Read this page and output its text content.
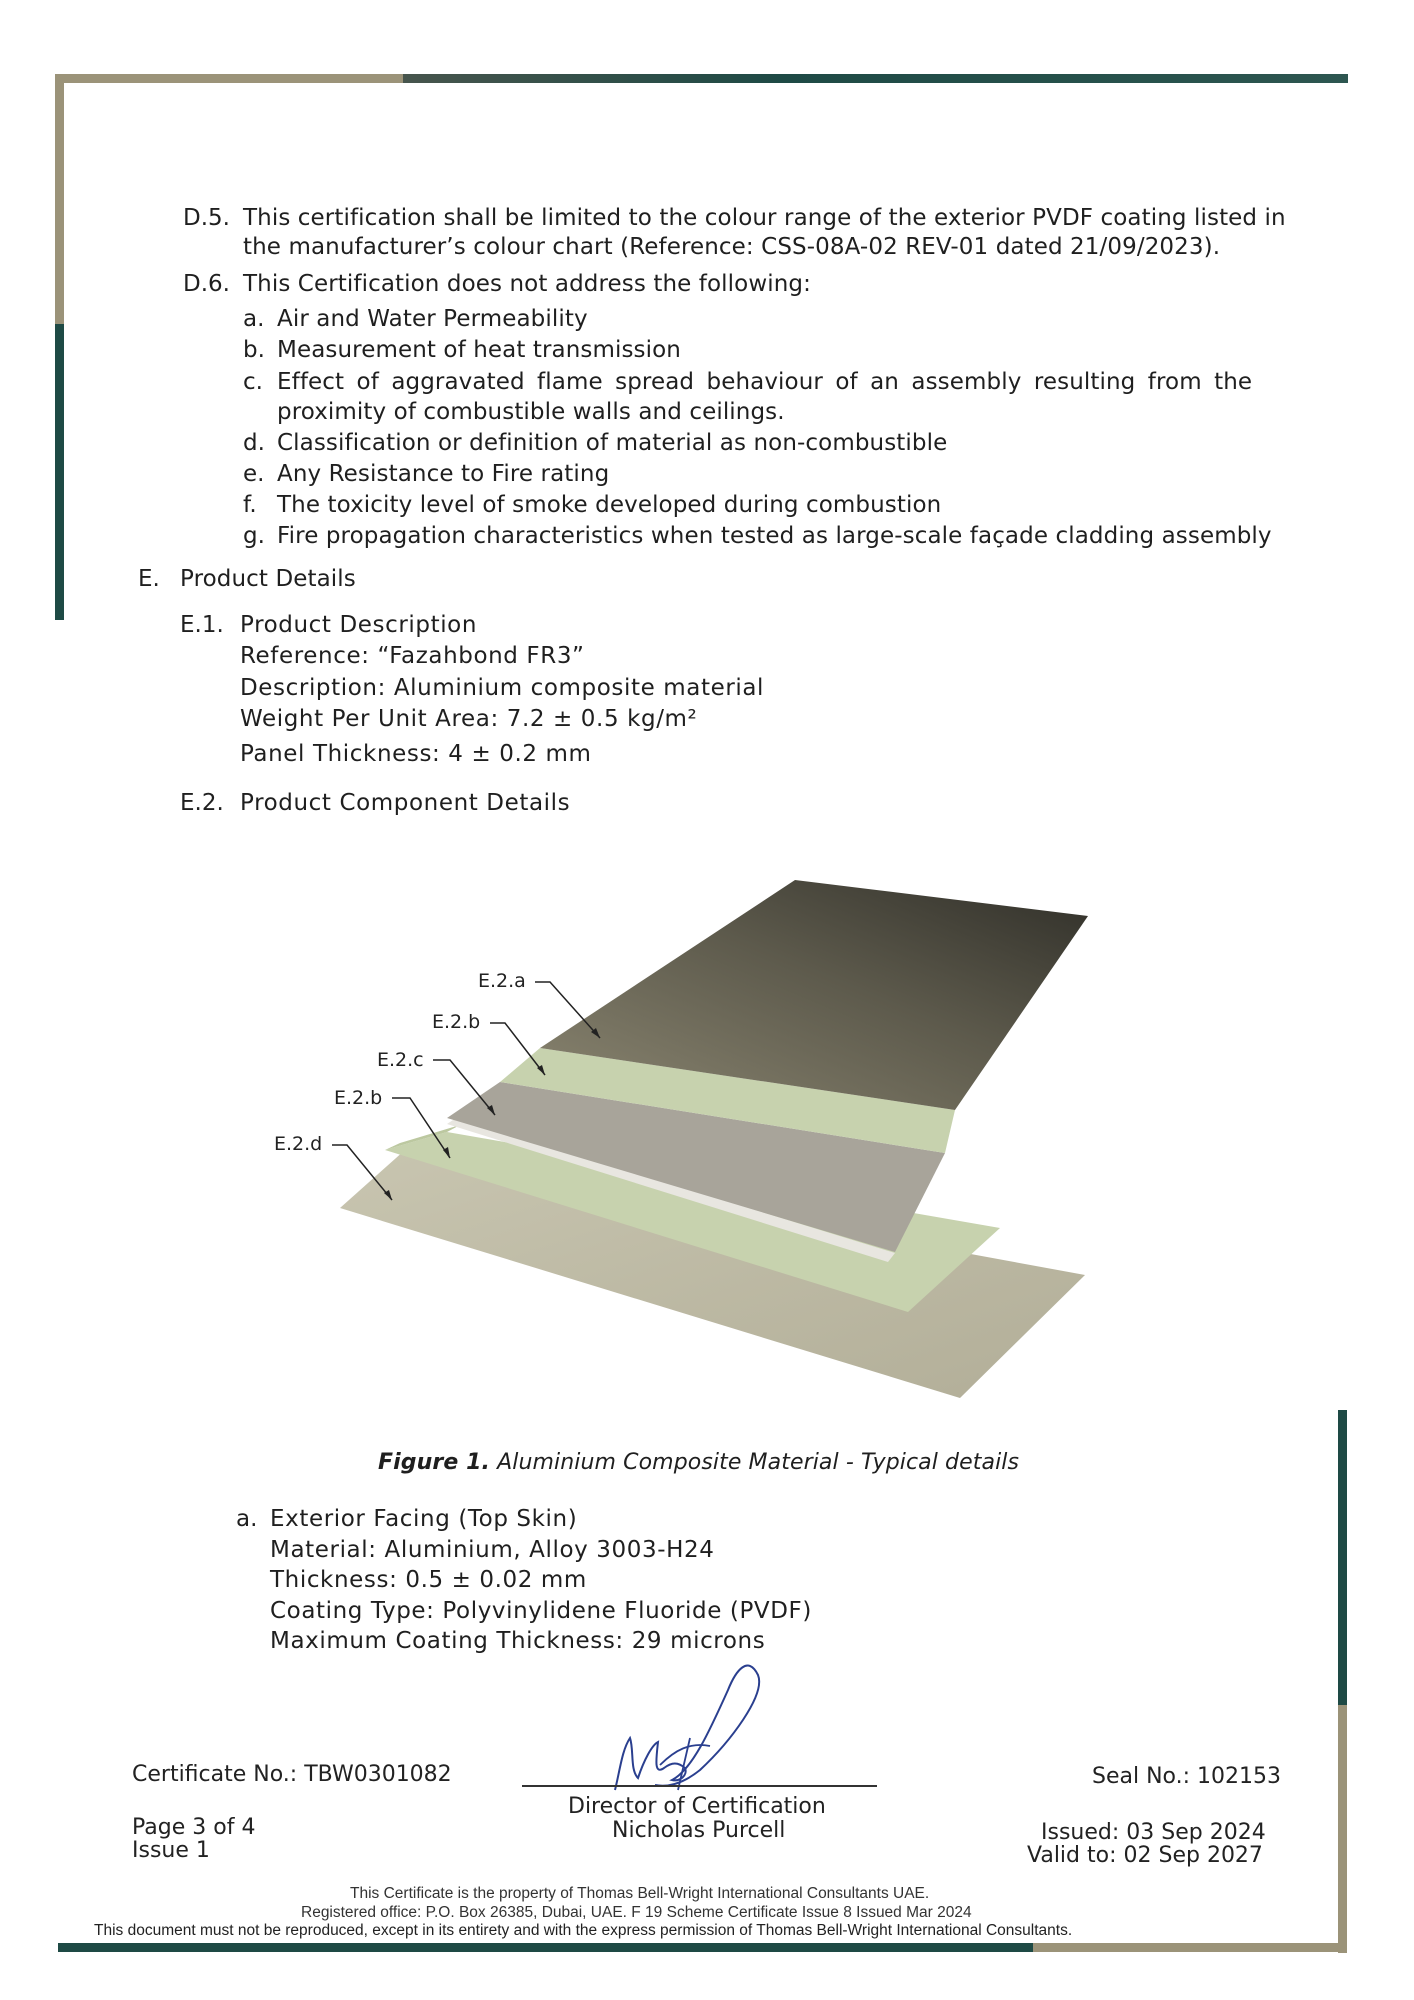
D.5. This certification shall be limited to the colour range of the exterior PVDF coating listed in
the manufacturer’s colour chart (Reference: CSS-08A-02 REV-01 dated 21/09/2023).
D.6. This Certification does not address the following:
a. Air and Water Permeability
b. Measurement of heat transmission
c. Effect of aggravated flame spread behaviour of an assembly resulting from the
proximity of combustible walls and ceilings.
d. Classification or definition of material as non-combustible
e. Any Resistance to Fire rating
f. The toxicity level of smoke developed during combustion
g. Fire propagation characteristics when tested as large-scale façade cladding assembly
E. Product Details
E.1. Product Description
Reference: “Fazahbond FR3”
Description: Aluminium composite material
Weight Per Unit Area: 7.2 ± 0.5 kg/m²
Panel Thickness: 4 ± 0.2 mm
E.2. Product Component Details
E.2.a
E.2.b
E.2.c
E.2.b
E.2.d
Figure 1. Aluminium Composite Material - Typical details
a. Exterior Facing (Top Skin)
Material: Aluminium, Alloy 3003-H24
Thickness: 0.5 ± 0.02 mm
Coating Type: Polyvinylidene Fluoride (PVDF)
Maximum Coating Thickness: 29 microns
Certificate No.: TBW0301082
Page 3 of 4
Issue 1
Director of Certification
Nicholas Purcell
Seal No.: 102153
Issued: 03 Sep 2024
Valid to: 02 Sep 2027
This Certificate is the property of Thomas Bell-Wright International Consultants UAE.
Registered office: P.O. Box 26385, Dubai, UAE. F 19 Scheme Certificate Issue 8 Issued Mar 2024
This document must not be reproduced, except in its entirety and with the express permission of Thomas Bell-Wright International Consultants.
